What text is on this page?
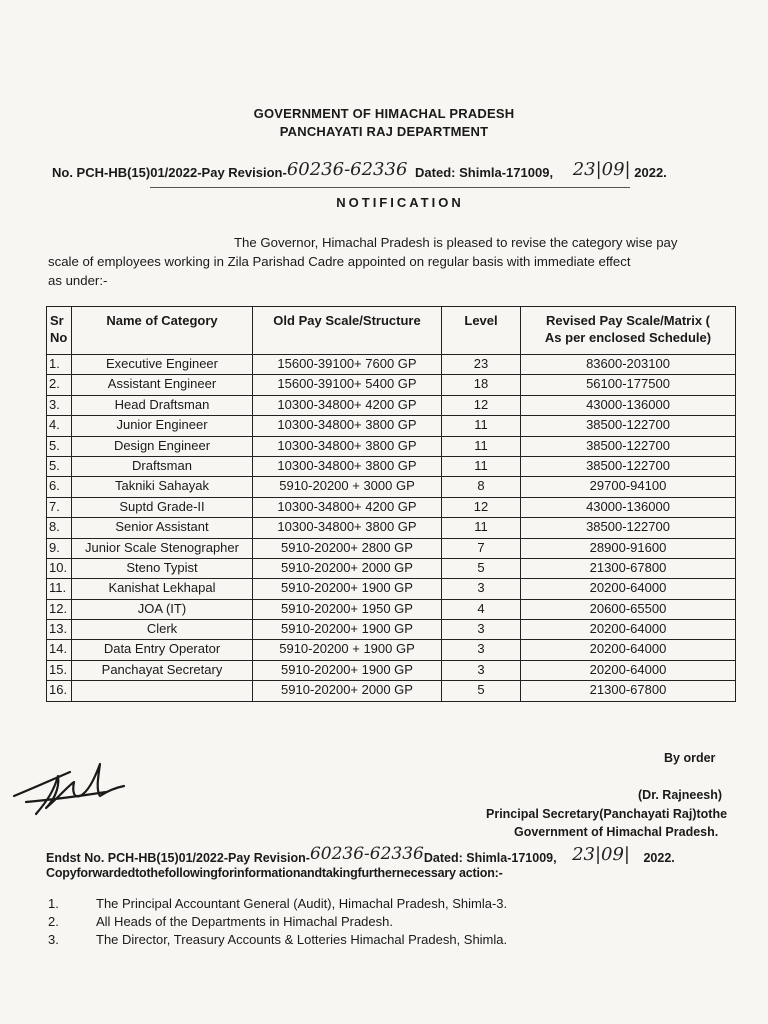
GOVERNMENT OF HIMACHAL PRADESH
PANCHAYATI RAJ DEPARTMENT
No. PCH-HB(15)01/2022-Pay Revision-60236-62336 Dated: Shimla-171009, 23|09| 2022.
NOTIFICATION
The Governor, Himachal Pradesh is pleased to revise the category wise pay
scale of employees working in Zila Parishad Cadre appointed on regular basis with immediate effect
as under:-
Sr
No	Name of Category	Old Pay Scale/Structure	Level	Revised Pay Scale/Matrix (
As per enclosed Schedule)
1.	Executive Engineer	15600-39100+ 7600 GP	23	83600-203100
2.	Assistant Engineer	15600-39100+ 5400 GP	18	56100-177500
3.	Head Draftsman	10300-34800+ 4200 GP	12	43000-136000
4.	Junior Engineer	10300-34800+ 3800 GP	11	38500-122700
5.	Design Engineer	10300-34800+ 3800 GP	11	38500-122700
5.	Draftsman	10300-34800+ 3800 GP	11	38500-122700
6.	Takniki Sahayak	5910-20200 + 3000 GP	8	29700-94100
7.	Suptd Grade-II	10300-34800+ 4200 GP	12	43000-136000
8.	Senior Assistant	10300-34800+ 3800 GP	11	38500-122700
9.	Junior Scale Stenographer	5910-20200+ 2800 GP	7	28900-91600
10.	Steno Typist	5910-20200+ 2000 GP	5	21300-67800
11.	Kanishat Lekhapal	5910-20200+ 1900 GP	3	20200-64000
12.	JOA (IT)	5910-20200+ 1950 GP	4	20600-65500
13.	Clerk	5910-20200+ 1900 GP	3	20200-64000
14.	Data Entry Operator	5910-20200 + 1900 GP	3	20200-64000
15.	Panchayat Secretary	5910-20200+ 1900 GP	3	20200-64000
16.		5910-20200+ 2000 GP	5	21300-67800
By order
(Dr. Rajneesh)
Principal Secretary(Panchayati Raj)tothe
Government of Himachal Pradesh.
Endst No. PCH-HB(15)01/2022-Pay Revision-60236-62336Dated: Shimla-171009, 23|09| 2022.
Copyforwardedtothefollowingforinformationandtakingfurthernecessary action:-
1.	The Principal Accountant General (Audit), Himachal Pradesh, Shimla-3.
2.	All Heads of the Departments in Himachal Pradesh.
3.	The Director, Treasury Accounts & Lotteries Himachal Pradesh, Shimla.
